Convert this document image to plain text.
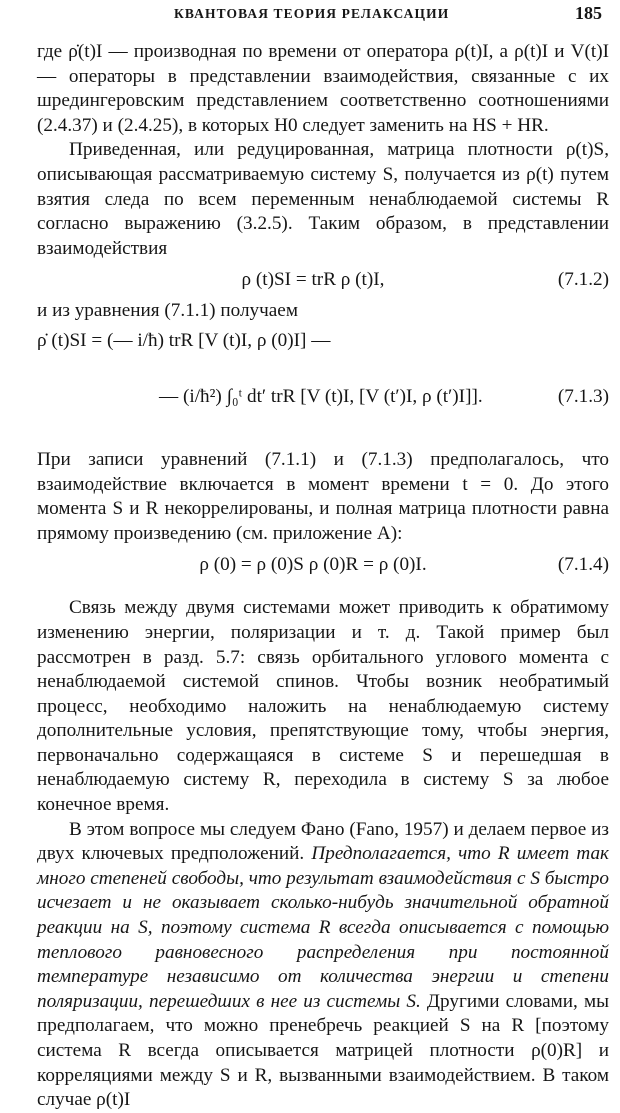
КВАНТОВАЯ ТЕОРИЯ РЕЛАКСАЦИИ	185

где ρ̇(t)I — производная по времени от оператора ρ(t)I, а ρ(t)I и V(t)I — операторы в представлении взаимодействия, связанные с их шредингеровским представлением соответственно соотношениями (2.4.37) и (2.4.25), в которых H0 следует заменить на HS + HR.

Приведенная, или редуцированная, матрица плотности ρ(t)S, описывающая рассматриваемую систему S, получается из ρ(t) путем взятия следа по всем переменным ненаблюдаемой системы R согласно выражению (3.2.5). Таким образом, в представлении взаимодействия

ρ (t)SI = trR ρ (t)I,	(7.1.2)

и из уравнения (7.1.1) получаем

ρ̇ (t)SI = (— i/ħ) trR [V (t)I, ρ (0)I] —
— (i/ħ²) ∫₀ᵗ dt′ trR [V (t)I, [V (t′)I, ρ (t′)I]].	(7.1.3)

При записи уравнений (7.1.1) и (7.1.3) предполагалось, что взаимодействие включается в момент времени t = 0. До этого момента S и R некоррелированы, и полная матрица плотности равна прямому произведению (см. приложение А):

ρ (0) = ρ (0)S ρ (0)R = ρ (0)I.	(7.1.4)

Связь между двумя системами может приводить к обратимому изменению энергии, поляризации и т. д. Такой пример был рассмотрен в разд. 5.7: связь орбитального углового момента с ненаблюдаемой системой спинов. Чтобы возник необратимый процесс, необходимо наложить на ненаблюдаемую систему дополнительные условия, препятствующие тому, чтобы энергия, первоначально содержащаяся в системе S и перешедшая в ненаблюдаемую систему R, переходила в систему S за любое конечное время.

В этом вопросе мы следуем Фано (Fano, 1957) и делаем первое из двух ключевых предположений. Предполагается, что R имеет так много степеней свободы, что результат взаимодействия с S быстро исчезает и не оказывает сколько-нибудь значительной обратной реакции на S, поэтому система R всегда описывается с помощью теплового равновесного распределения при постоянной температуре независимо от количества энергии и степени поляризации, перешедших в нее из системы S. Другими словами, мы предполагаем, что можно пренебречь реакцией S на R [поэтому система R всегда описывается матрицей плотности ρ(0)R] и корреляциями между S и R, вызванными взаимодействием. В таком случае ρ(t)I
